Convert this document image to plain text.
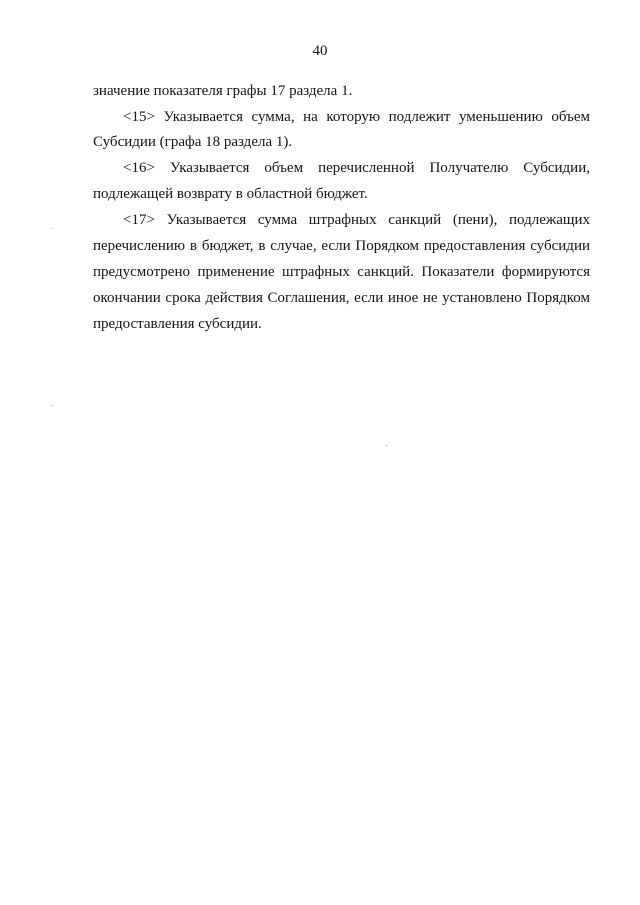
40
значение показателя графы 17 раздела 1.
<15> Указывается сумма, на которую подлежит уменьшению объем
Субсидии (графа 18 раздела 1).
<16> Указывается объем перечисленной Получателю Субсидии,
подлежащей возврату в областной бюджет.
<17> Указывается сумма штрафных санкций (пени), подлежащих
перечислению в бюджет, в случае, если Порядком предоставления субсидии
предусмотрено применение штрафных санкций. Показатели формируются
окончании срока действия Соглашения, если иное не установлено Порядком
предоставления субсидии.
